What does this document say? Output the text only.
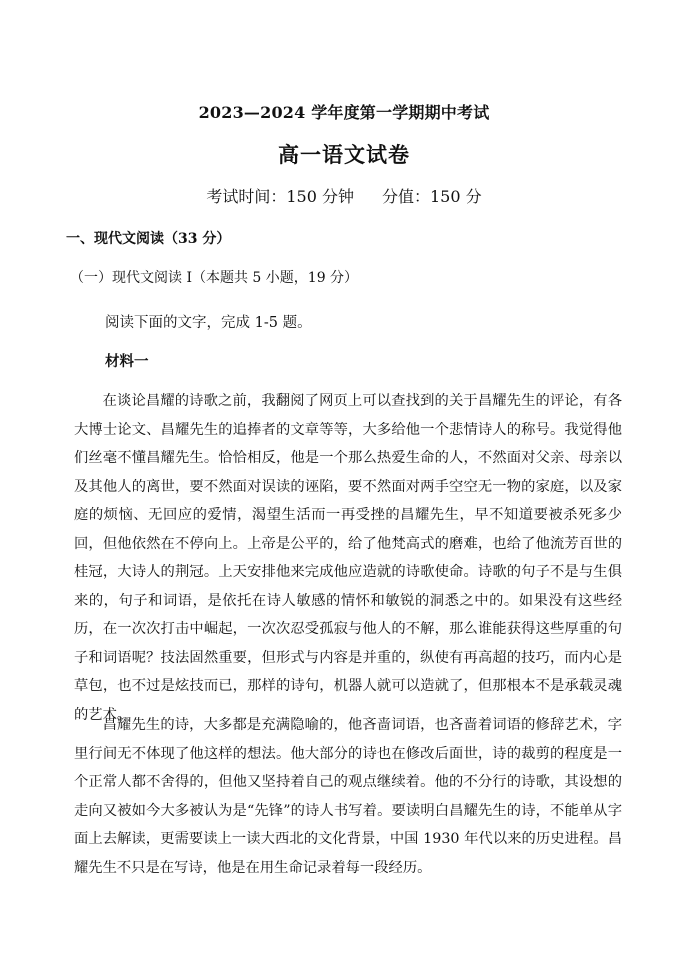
2023—2024 学年度第一学期期中考试
高一语文试卷
考试时间：150 分钟 分值：150 分
一、现代文阅读（33 分）
（一）现代文阅读 I（本题共 5 小题，19 分）
阅读下面的文字，完成 1-5 题。
材料一

在谈论昌耀的诗歌之前，我翻阅了网页上可以查找到的关于昌耀先生的评论，有各大博士论文、昌耀先生的追捧者的文章等等，大多给他一个悲情诗人的称号。我觉得他们丝毫不懂昌耀先生。恰恰相反，他是一个那么热爱生命的人，不然面对父亲、母亲以及其他人的离世，要不然面对误读的诬陷，要不然面对两手空空无一物的家庭，以及家庭的烦恼、无回应的爱情，渴望生活而一再受挫的昌耀先生，早不知道要被杀死多少回，但他依然在不停向上。上帝是公平的，给了他梵高式的磨难，也给了他流芳百世的桂冠，大诗人的荆冠。上天安排他来完成他应造就的诗歌使命。诗歌的句子不是与生俱来的，句子和词语，是依托在诗人敏感的情怀和敏锐的洞悉之中的。如果没有这些经历，在一次次打击中崛起，一次次忍受孤寂与他人的不解，那么谁能获得这些厚重的句子和词语呢？技法固然重要，但形式与内容是并重的，纵使有再高超的技巧，而内心是草包，也不过是炫技而已，那样的诗句，机器人就可以造就了，但那根本不是承载灵魂的艺术。

昌耀先生的诗，大多都是充满隐喻的，他吝啬词语，也吝啬着词语的修辞艺术，字里行间无不体现了他这样的想法。他大部分的诗也在修改后面世，诗的裁剪的程度是一个正常人都不舍得的，但他又坚持着自己的观点继续着。他的不分行的诗歌，其设想的走向又被如今大多被认为是“先锋”的诗人书写着。要读明白昌耀先生的诗，不能单从字面上去解读，更需要读上一读大西北的文化背景，中国 1930 年代以来的历史进程。昌耀先生不只是在写诗，他是在用生命记录着每一段经历。
